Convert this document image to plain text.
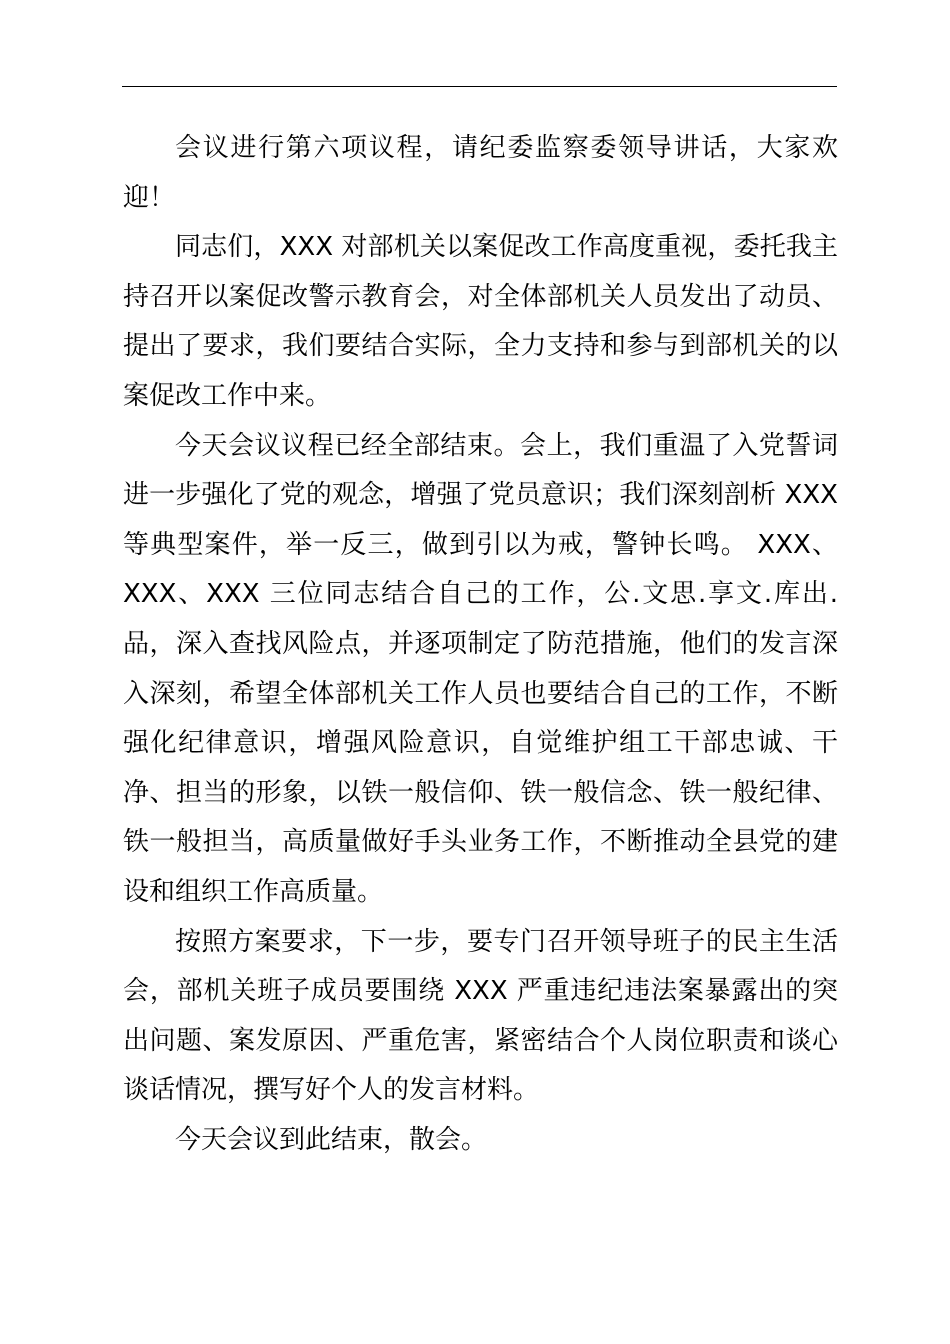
会议进行第六项议程，请纪委监察委领导讲话，大家欢迎！

同志们，XXX 对部机关以案促改工作高度重视，委托我主持召开以案促改警示教育会，对全体部机关人员发出了动员、提出了要求，我们要结合实际，全力支持和参与到部机关的以案促改工作中来。

今天会议议程已经全部结束。会上，我们重温了入党誓词进一步强化了党的观念，增强了党员意识；我们深刻剖析 XXX 等典型案件，举一反三，做到引以为戒，警钟长鸣。 XXX、XXX、XXX 三位同志结合自己的工作，公.文思.享文.库出.品，深入查找风险点，并逐项制定了防范措施，他们的发言深入深刻，希望全体部机关工作人员也要结合自己的工作，不断强化纪律意识，增强风险意识，自觉维护组工干部忠诚、干净、担当的形象，以铁一般信仰、铁一般信念、铁一般纪律、铁一般担当，高质量做好手头业务工作，不断推动全县党的建设和组织工作高质量。

按照方案要求，下一步，要专门召开领导班子的民主生活会，部机关班子成员要围绕 XXX 严重违纪违法案暴露出的突出问题、案发原因、严重危害，紧密结合个人岗位职责和谈心谈话情况，撰写好个人的发言材料。

今天会议到此结束，散会。
